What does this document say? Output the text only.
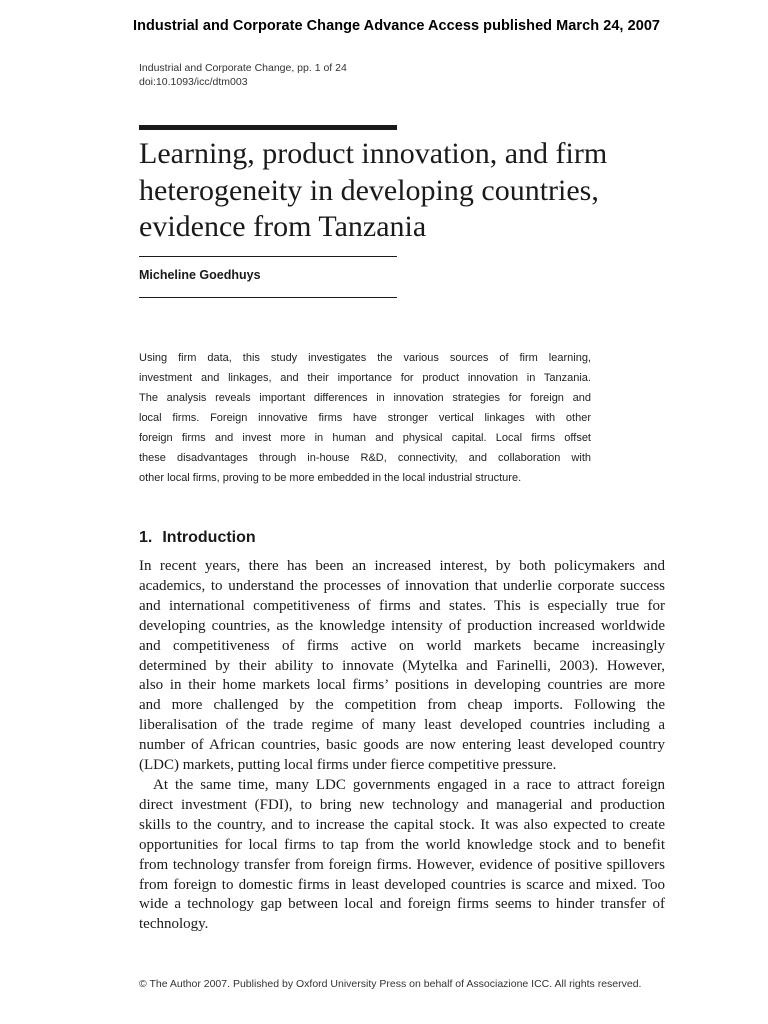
Industrial and Corporate Change Advance Access published March 24, 2007
Industrial and Corporate Change, pp. 1 of 24
doi:10.1093/icc/dtm003
Learning, product innovation, and firm
heterogeneity in developing countries,
evidence from Tanzania
Micheline Goedhuys
Using firm data, this study investigates the various sources of firm learning,
investment and linkages, and their importance for product innovation in Tanzania.
The analysis reveals important differences in innovation strategies for foreign and
local firms. Foreign innovative firms have stronger vertical linkages with other
foreign firms and invest more in human and physical capital. Local firms offset
these disadvantages through in-house R&D, connectivity, and collaboration with
other local firms, proving to be more embedded in the local industrial structure.
1. Introduction
In recent years, there has been an increased interest, by both policymakers and
academics, to understand the processes of innovation that underlie corporate success
and international competitiveness of firms and states. This is especially true for
developing countries, as the knowledge intensity of production increased worldwide
and competitiveness of firms active on world markets became increasingly
determined by their ability to innovate (Mytelka and Farinelli, 2003). However,
also in their home markets local firms’ positions in developing countries are more
and more challenged by the competition from cheap imports. Following the
liberalisation of the trade regime of many least developed countries including a
number of African countries, basic goods are now entering least developed country
(LDC) markets, putting local firms under fierce competitive pressure.
At the same time, many LDC governments engaged in a race to attract foreign
direct investment (FDI), to bring new technology and managerial and production
skills to the country, and to increase the capital stock. It was also expected to create
opportunities for local firms to tap from the world knowledge stock and to benefit
from technology transfer from foreign firms. However, evidence of positive spillovers
from foreign to domestic firms in least developed countries is scarce and mixed. Too
wide a technology gap between local and foreign firms seems to hinder transfer of
technology.
© The Author 2007. Published by Oxford University Press on behalf of Associazione ICC. All rights reserved.
